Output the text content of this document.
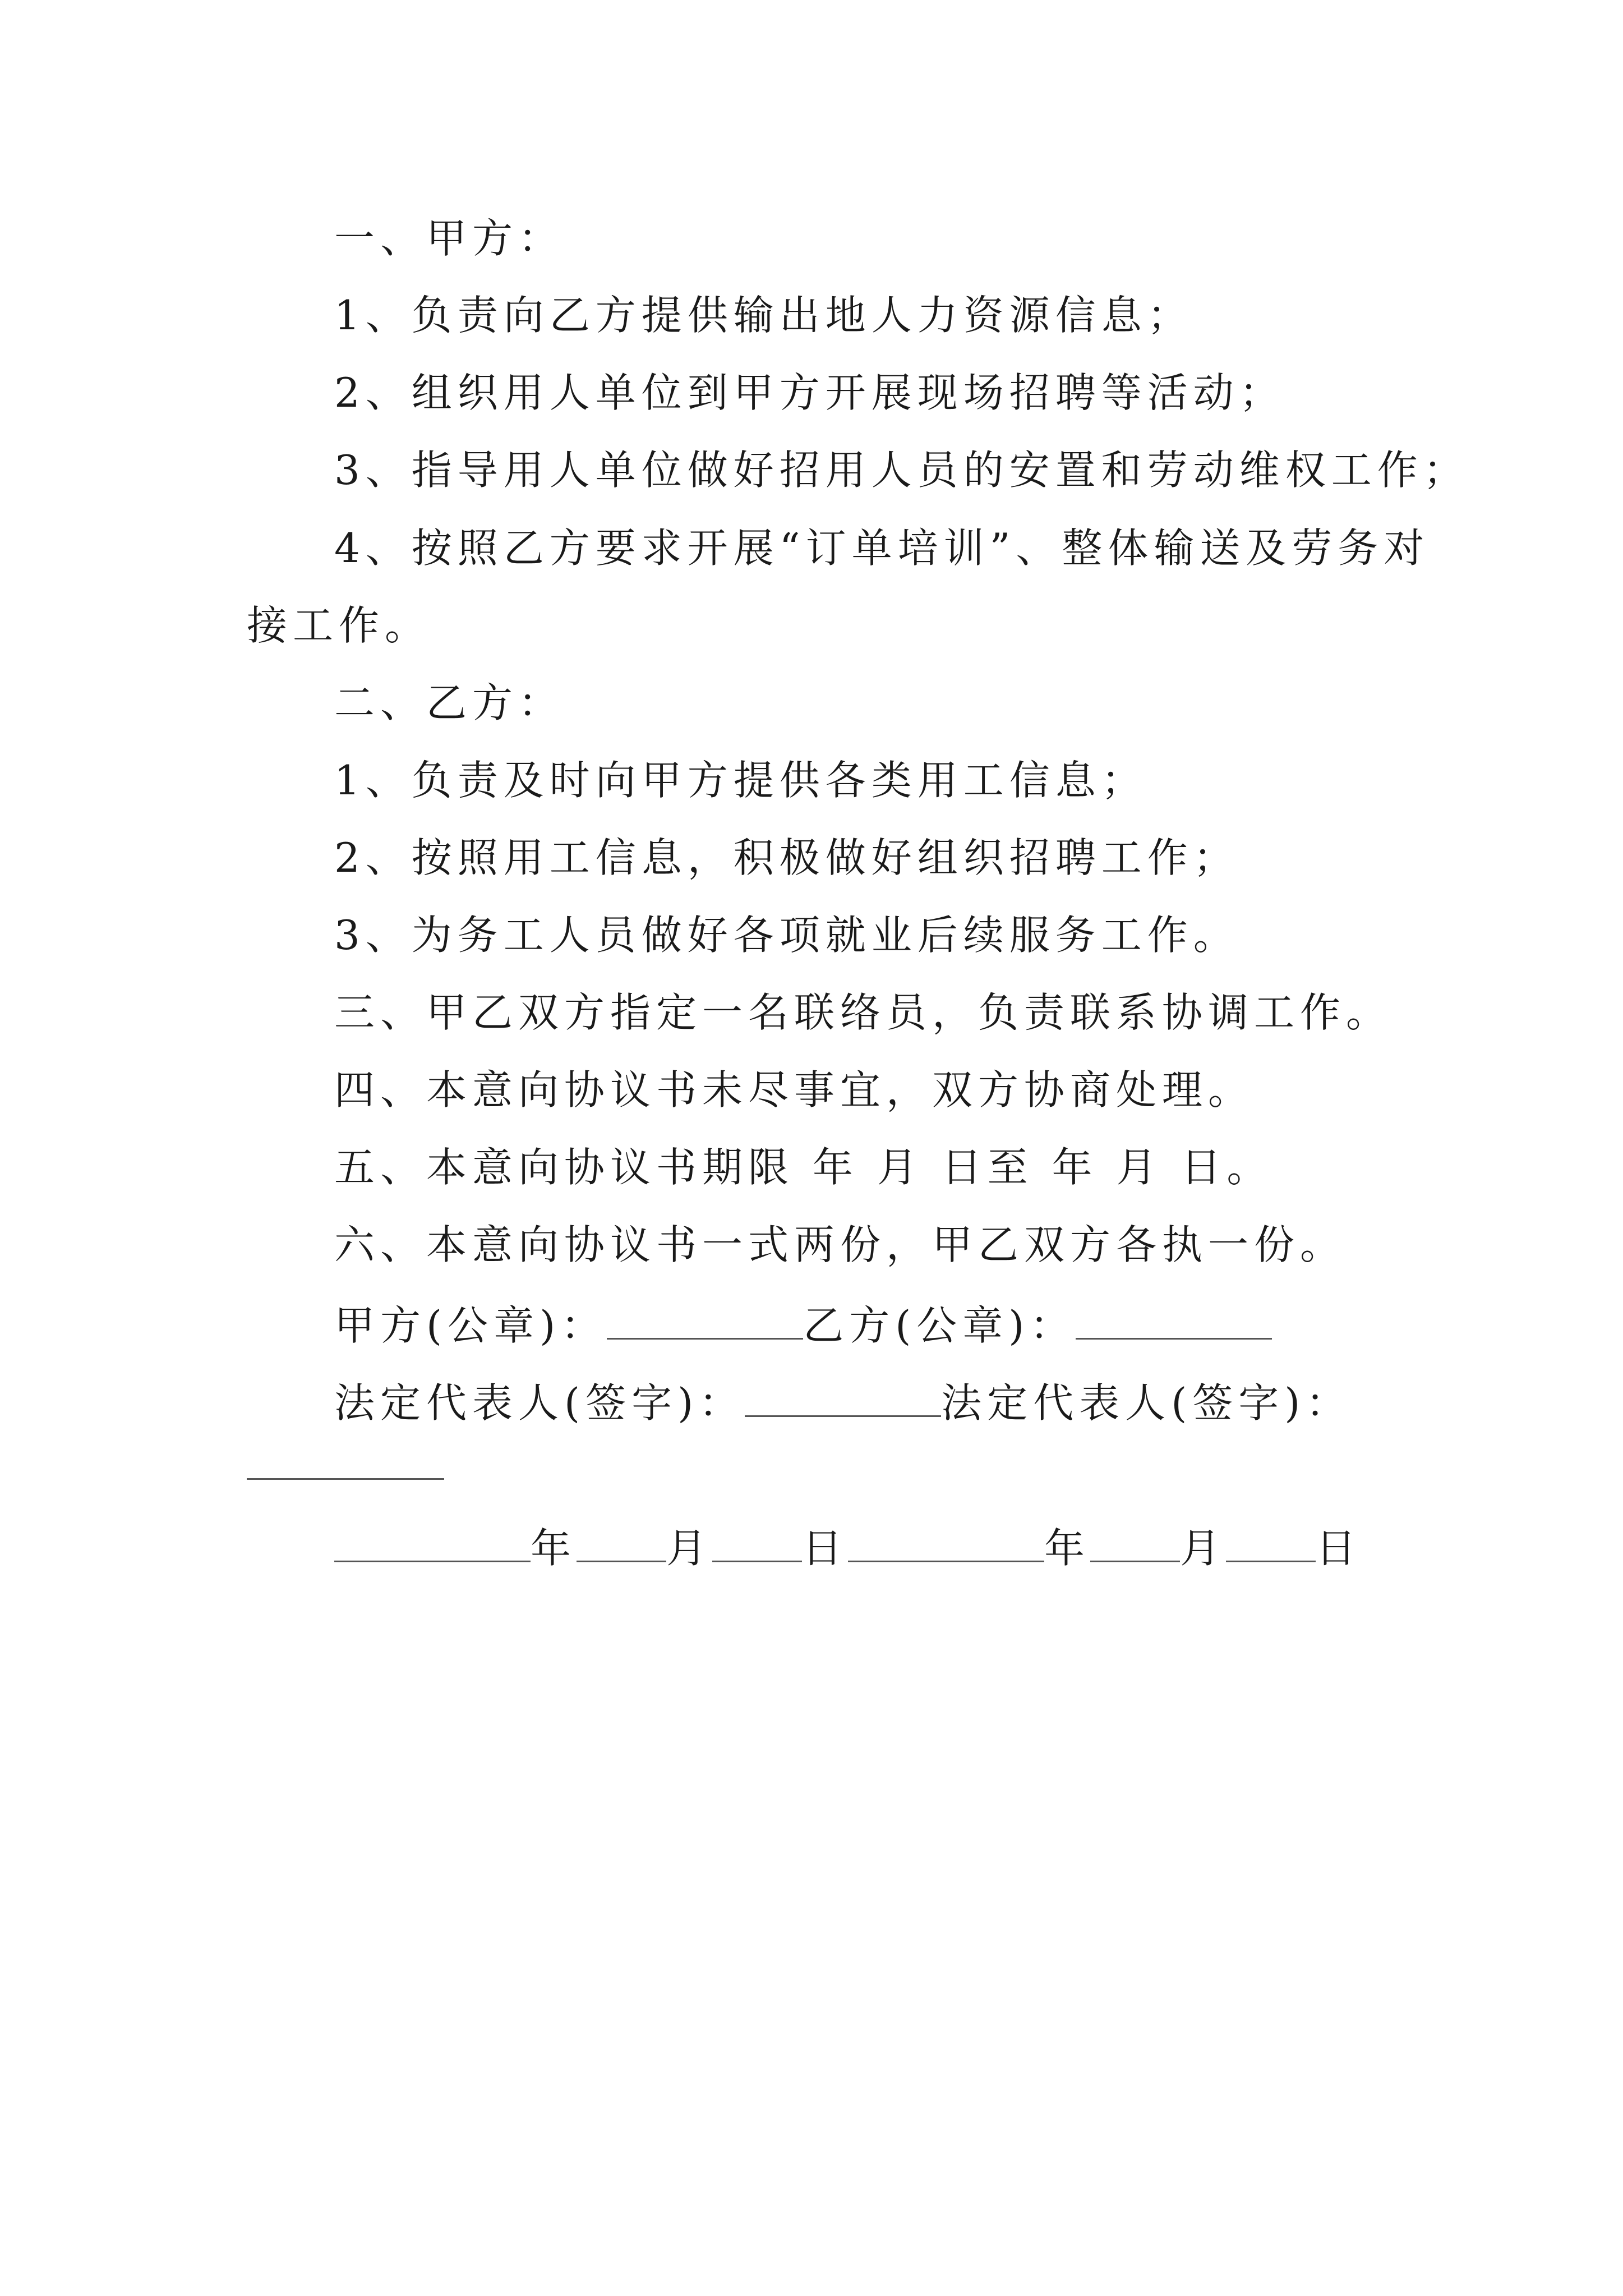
一、甲方：
1、负责向乙方提供输出地人力资源信息；
2、组织用人单位到甲方开展现场招聘等活动；
3、指导用人单位做好招用人员的安置和劳动维权工作；
4、按照乙方要求开展“订单培训”、整体输送及劳务对
接工作。
二、乙方：
1、负责及时向甲方提供各类用工信息；
2、按照用工信息，积极做好组织招聘工作；
3、为务工人员做好各项就业后续服务工作。
三、甲乙双方指定一名联络员，负责联系协调工作。
四、本意向协议书未尽事宜，双方协商处理。
五、本意向协议书期限 年 月 日至 年 月 日。
六、本意向协议书一式两份，甲乙双方各执一份。
甲方(公章)：	乙方(公章)：
法定代表人(签字)：	法定代表人(签字)：
年 月 日	年 月 日
